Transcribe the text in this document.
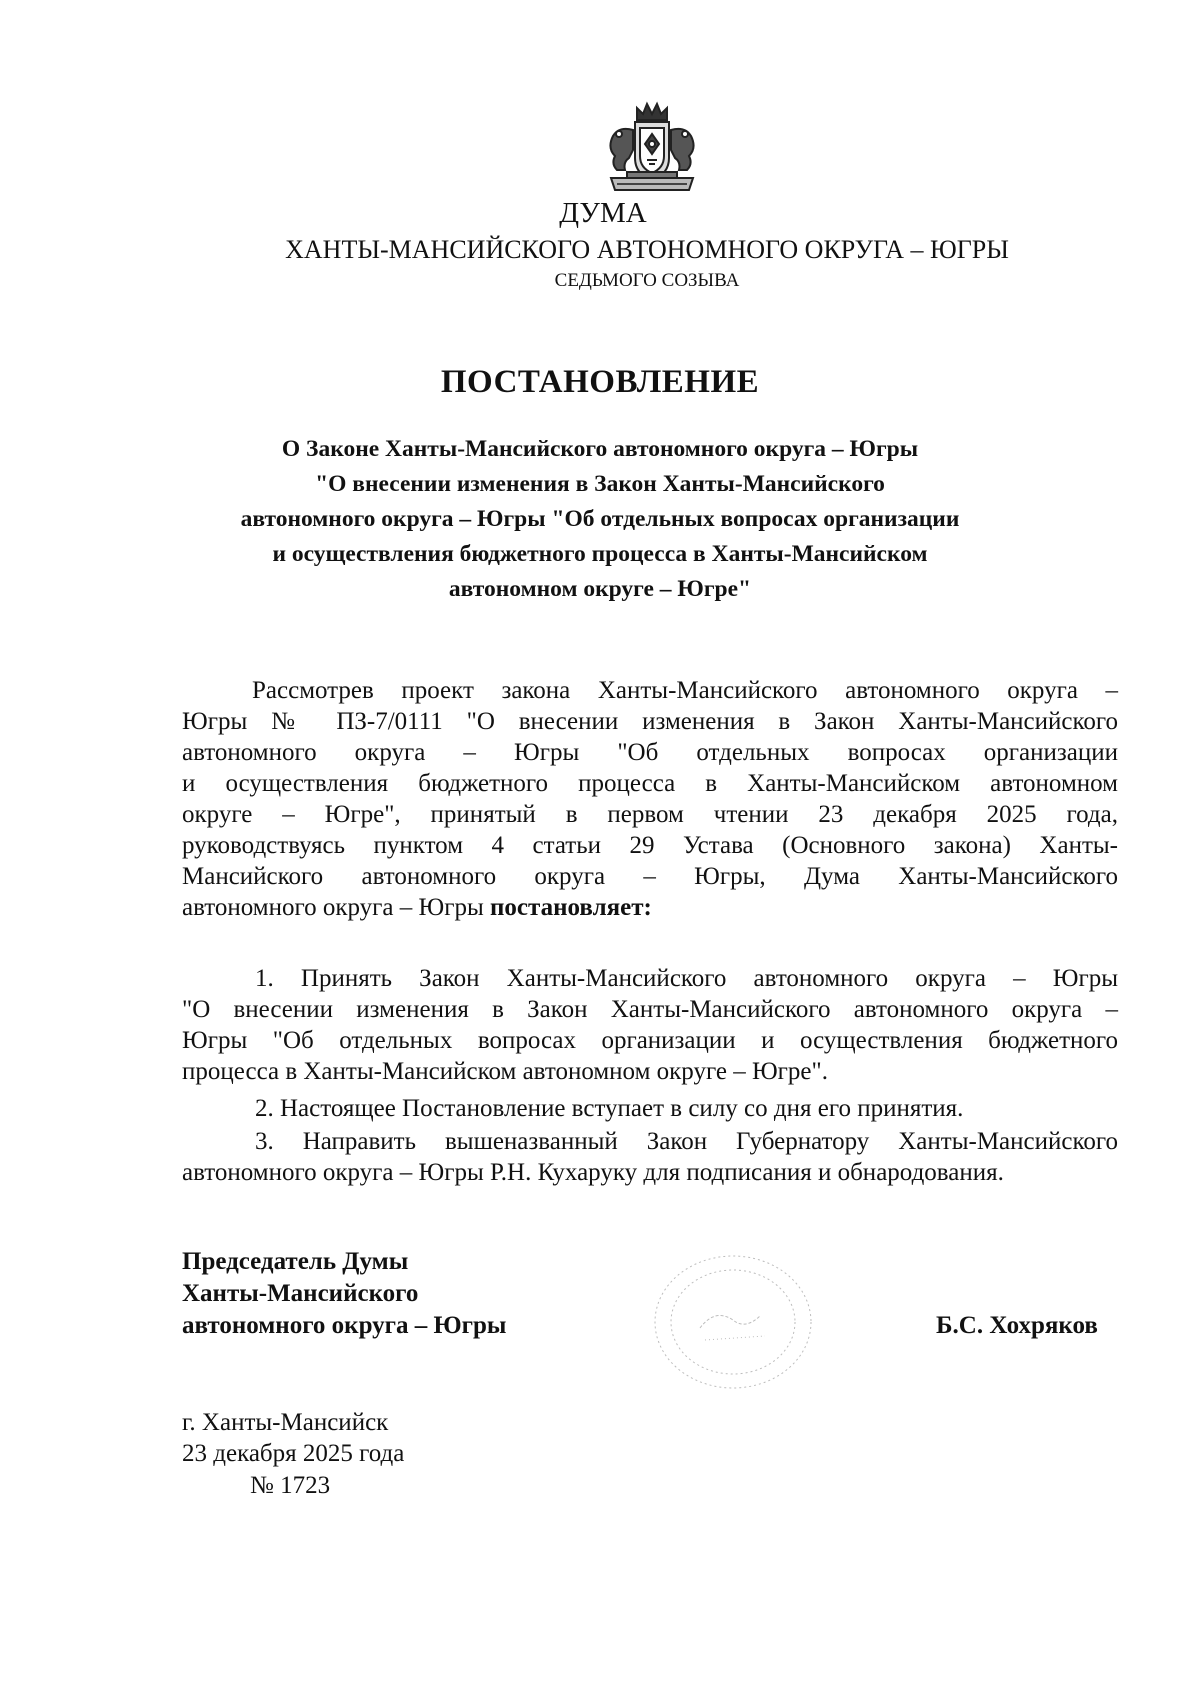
ДУМА
ХАНТЫ-МАНСИЙСКОГО АВТОНОМНОГО ОКРУГА – ЮГРЫ
СЕДЬМОГО СОЗЫВА
ПОСТАНОВЛЕНИЕ
О Законе Ханты-Мансийского автономного округа – Югры
"О внесении изменения в Закон Ханты-Мансийского
автономного округа – Югры "Об отдельных вопросах организации
и осуществления бюджетного процесса в Ханты-Мансийском
автономном округе – Югре"
Рассмотрев проект закона Ханты-Мансийского автономного округа –
Югры № ПЗ-7/0111 "О внесении изменения в Закон Ханты-Мансийского
автономного округа – Югры "Об отдельных вопросах организации
и осуществления бюджетного процесса в Ханты-Мансийском автономном
округе – Югре", принятый в первом чтении 23 декабря 2025 года,
руководствуясь пунктом 4 статьи 29 Устава (Основного закона) Ханты-
Мансийского автономного округа – Югры, Дума Ханты-Мансийского
автономного округа – Югры постановляет:
1. Принять Закон Ханты-Мансийского автономного округа – Югры
"О внесении изменения в Закон Ханты-Мансийского автономного округа –
Югры "Об отдельных вопросах организации и осуществления бюджетного
процесса в Ханты-Мансийском автономном округе – Югре".
2. Настоящее Постановление вступает в силу со дня его принятия.
3. Направить вышеназванный Закон Губернатору Ханты-Мансийского
автономного округа – Югры Р.Н. Кухаруку для подписания и обнародования.
Председатель Думы
Ханты-Мансийского
автономного округа – Югры	Б.С. Хохряков
г. Ханты-Мансийск
23 декабря 2025 года
№ 1723
